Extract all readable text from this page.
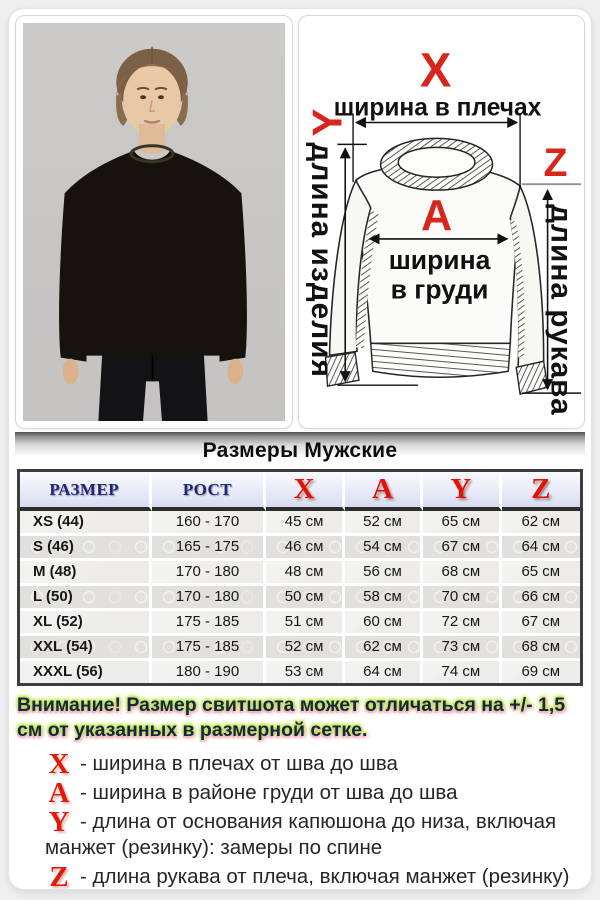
X
ширина в плечах
A
ширина
в груди
Y
длина изделия	Z
длина рукава
Размеры Мужские
РАЗМЕР	РОСТ	X	A	Y	Z
XS (44)	160 - 170	45 см	52 см	65 см	62 см
S (46)	165 - 175	46 см	54 см	67 см	64 см
M (48)	170 - 180	48 см	56 см	68 см	65 см
L (50)	170 - 180	50 см	58 см	70 см	66 см
XL (52)	175 - 185	51 см	60 см	72 см	67 см
XXL (54)	175 - 185	52 см	62 см	73 см	68 см
XXXL (56)	180 - 190	53 см	64 см	74 см	69 см
Внимание! Размер свитшота может отличаться на +/- 1,5 см от указанных в размерной сетке.
X - ширина в плечах от шва до шва
A - ширина в районе груди от шва до шва
Y - длина от основания капюшона до низа, включая манжет (резинку): замеры по спине
Z - длина рукава от плеча, включая манжет (резинку)
